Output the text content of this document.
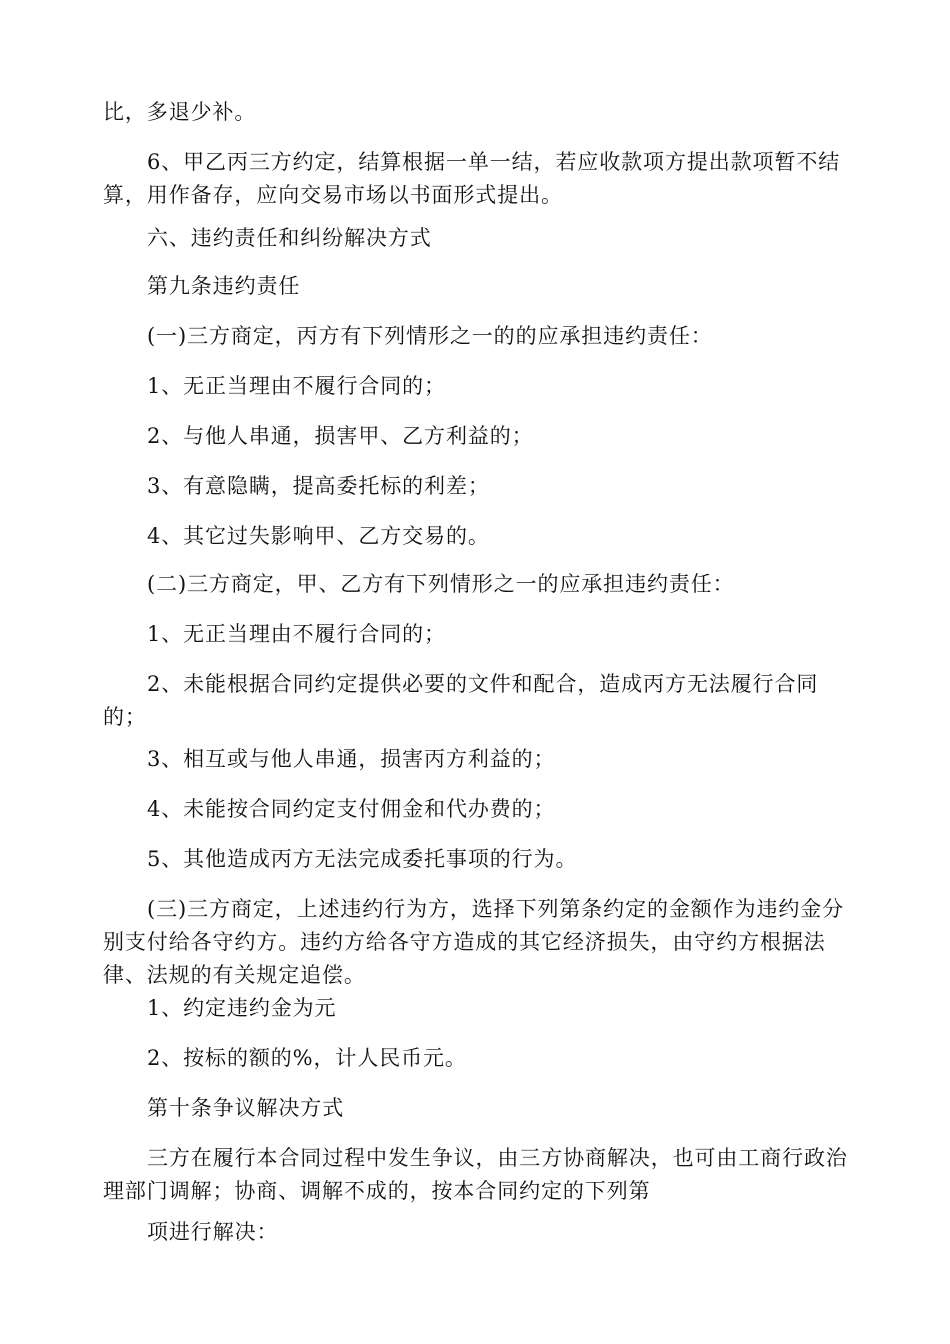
比，多退少补。

6、甲乙丙三方约定，结算根据一单一结，若应收款项方提出款项暂不结算，用作备存，应向交易市场以书面形式提出。

六、违约责任和纠纷解决方式

第九条违约责任

(一)三方商定，丙方有下列情形之一的的应承担违约责任：

1、无正当理由不履行合同的；

2、与他人串通，损害甲、乙方利益的；

3、有意隐瞒，提高委托标的利差；

4、其它过失影响甲、乙方交易的。

(二)三方商定，甲、乙方有下列情形之一的应承担违约责任：

1、无正当理由不履行合同的；

2、未能根据合同约定提供必要的文件和配合，造成丙方无法履行合同的；

3、相互或与他人串通，损害丙方利益的；

4、未能按合同约定支付佣金和代办费的；

5、其他造成丙方无法完成委托事项的行为。

(三)三方商定，上述违约行为方，选择下列第条约定的金额作为违约金分别支付给各守约方。违约方给各守方造成的其它经济损失，由守约方根据法律、法规的有关规定追偿。

1、约定违约金为元

2、按标的额的%，计人民币元。

第十条争议解决方式

三方在履行本合同过程中发生争议，由三方协商解决，也可由工商行政治理部门调解；协商、调解不成的，按本合同约定的下列第

项进行解决：
